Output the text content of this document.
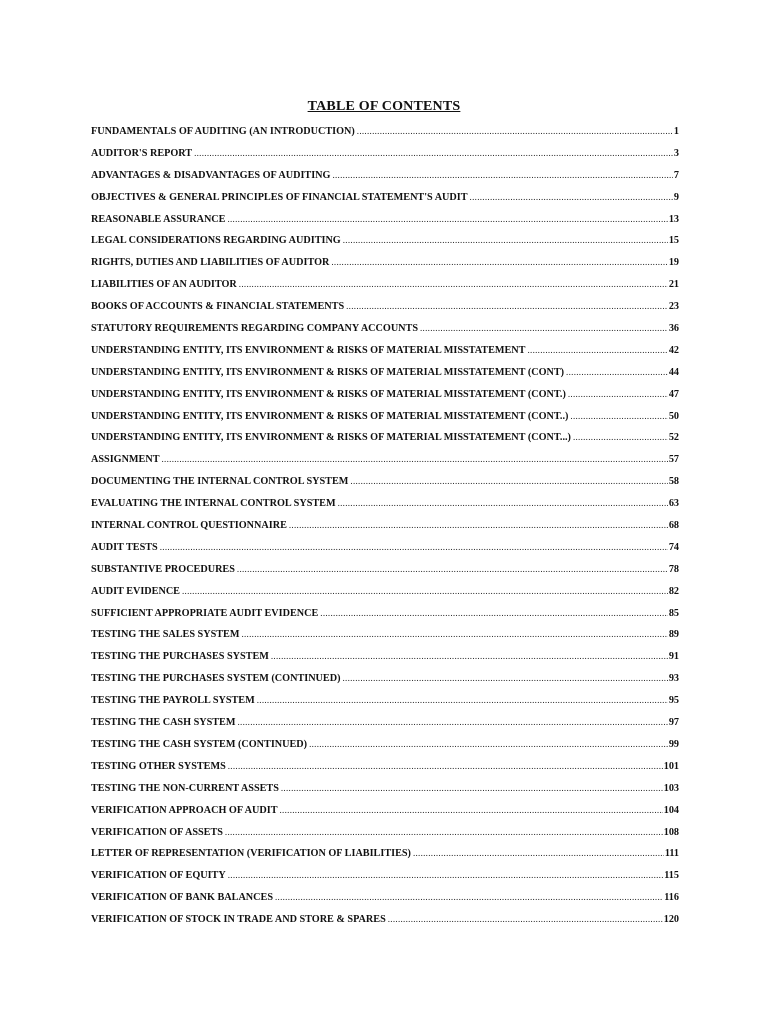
TABLE OF CONTENTS
FUNDAMENTALS OF AUDITING (AN INTRODUCTION) .....	1
AUDITOR'S REPORT .....	3
ADVANTAGES & DISADVANTAGES OF AUDITING .....	7
OBJECTIVES & GENERAL PRINCIPLES OF FINANCIAL STATEMENT'S AUDIT .....	9
REASONABLE ASSURANCE .....	13
LEGAL CONSIDERATIONS REGARDING AUDITING .....	15
RIGHTS, DUTIES AND LIABILITIES OF AUDITOR .....	19
LIABILITIES OF AN AUDITOR .....	21
BOOKS OF ACCOUNTS & FINANCIAL STATEMENTS .....	23
STATUTORY REQUIREMENTS REGARDING COMPANY ACCOUNTS .....	36
UNDERSTANDING ENTITY, ITS ENVIRONMENT & RISKS OF MATERIAL MISSTATEMENT .....	42
UNDERSTANDING ENTITY, ITS ENVIRONMENT & RISKS OF MATERIAL MISSTATEMENT (CONT) .....	44
UNDERSTANDING ENTITY, ITS ENVIRONMENT & RISKS OF MATERIAL MISSTATEMENT (CONT.) .....	47
UNDERSTANDING ENTITY, ITS ENVIRONMENT & RISKS OF MATERIAL MISSTATEMENT (CONT..) .....	50
UNDERSTANDING ENTITY, ITS ENVIRONMENT & RISKS OF MATERIAL MISSTATEMENT (CONT...) .....	52
ASSIGNMENT .....	57
DOCUMENTING THE INTERNAL CONTROL SYSTEM .....	58
EVALUATING THE INTERNAL CONTROL SYSTEM .....	63
INTERNAL CONTROL QUESTIONNAIRE .....	68
AUDIT TESTS .....	74
SUBSTANTIVE PROCEDURES .....	78
AUDIT EVIDENCE .....	82
SUFFICIENT APPROPRIATE AUDIT EVIDENCE .....	85
TESTING THE SALES SYSTEM .....	89
TESTING THE PURCHASES SYSTEM .....	91
TESTING THE PURCHASES SYSTEM (CONTINUED) .....	93
TESTING THE PAYROLL SYSTEM .....	95
TESTING THE CASH SYSTEM .....	97
TESTING THE CASH SYSTEM (CONTINUED) .....	99
TESTING OTHER SYSTEMS .....	101
TESTING THE NON-CURRENT ASSETS .....	103
VERIFICATION APPROACH OF AUDIT .....	104
VERIFICATION OF ASSETS .....	108
LETTER OF REPRESENTATION (VERIFICATION OF LIABILITIES) .....	111
VERIFICATION OF EQUITY .....	115
VERIFICATION OF BANK BALANCES .....	116
VERIFICATION OF STOCK IN TRADE AND STORE & SPARES .....	120
